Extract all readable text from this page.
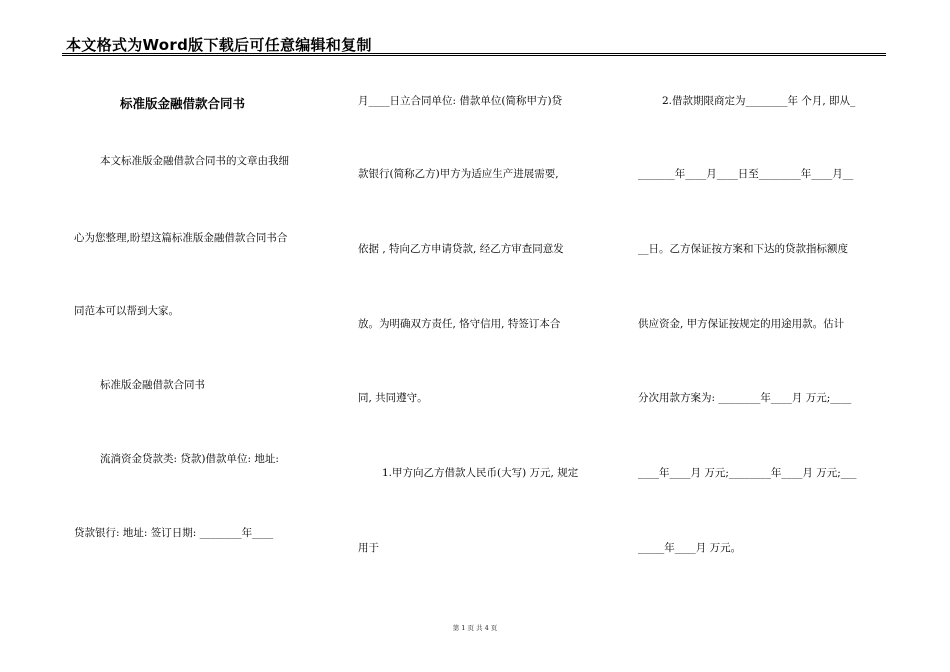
本文格式为Word版下载后可任意编辑和复制
标准版金融借款合同书
本文标准版金融借款合同书的文章由我细
心为您整理,盼望这篇标准版金融借款合同书合
同范本可以帮到大家。
标准版金融借款合同书
流淌资金贷款类: 贷款)借款单位: 地址:
贷款银行: 地址: 签订日期: ________年____
月____日立合同单位: 借款单位(简称甲方)贷
款银行(简称乙方)甲方为适应生产进展需要,
依据 , 特向乙方申请贷款, 经乙方审查同意发
放。为明确双方责任, 恪守信用, 特签订本合
同, 共同遵守。
1.甲方向乙方借款人民币(大写) 万元, 规定
用于
2.借款期限商定为________年 个月, 即从_
_______年____月____日至________年____月__
__日。乙方保证按方案和下达的贷款指标额度
供应资金, 甲方保证按规定的用途用款。估计
分次用款方案为: ________年____月 万元;____
____年____月 万元;________年____月 万元;___
_____年____月 万元。
第 1 页 共 4 页
